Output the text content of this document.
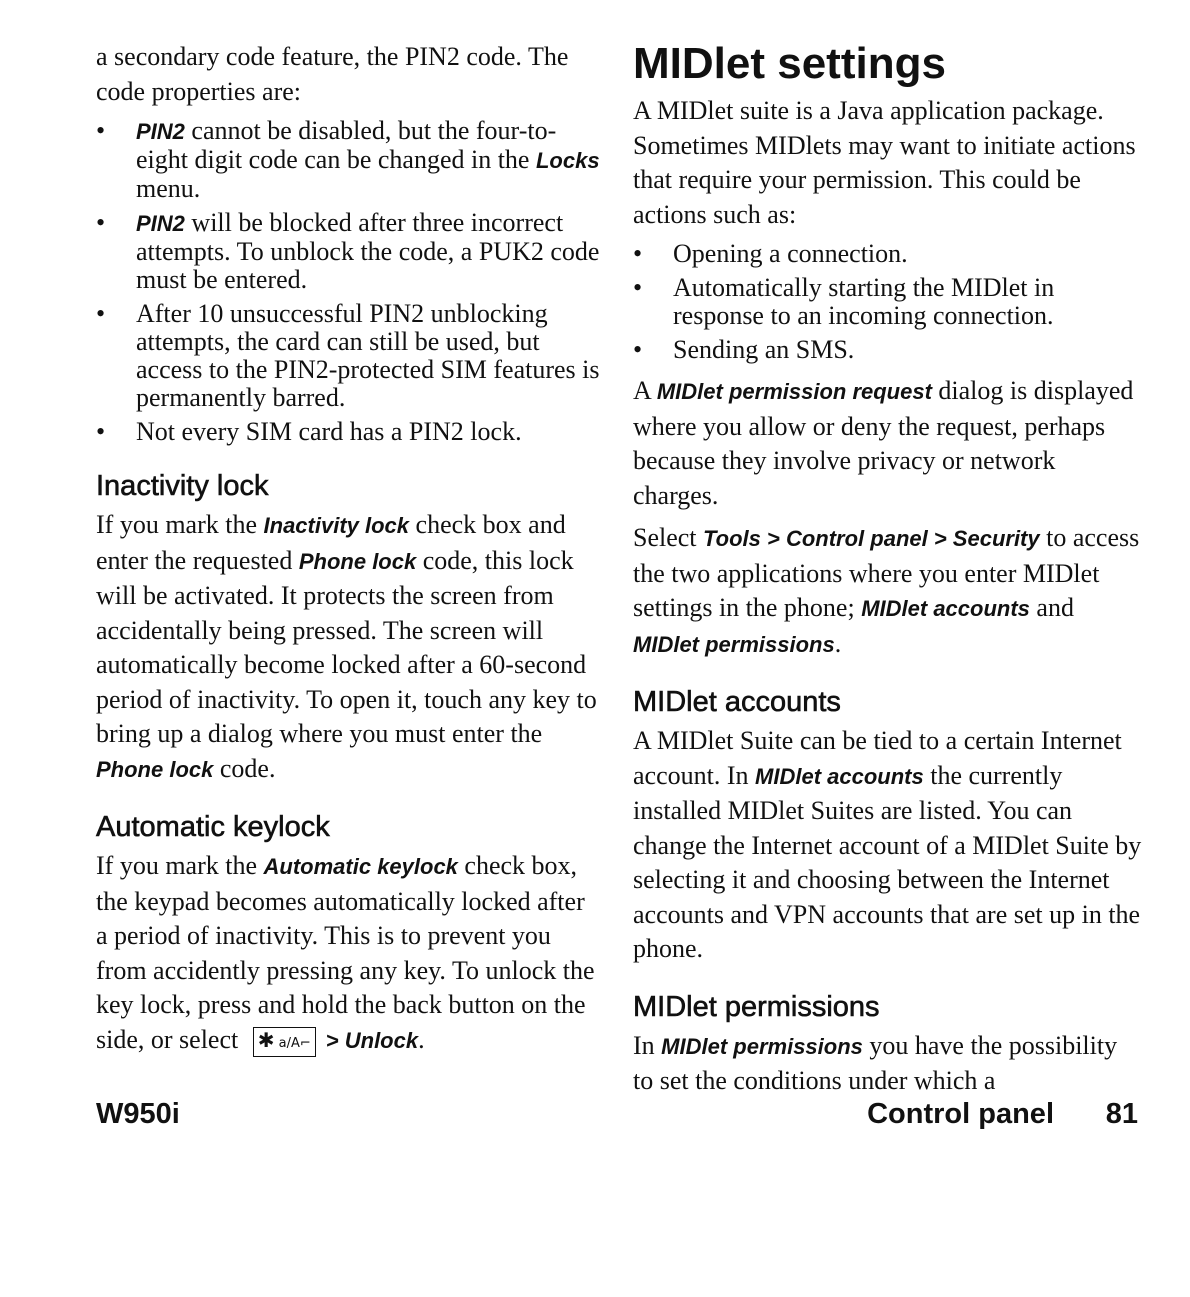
a secondary code feature, the PIN2 code. The code properties are:

• PIN2 cannot be disabled, but the four-to-eight digit code can be changed in the Locks menu.
• PIN2 will be blocked after three incorrect attempts. To unblock the code, a PUK2 code must be entered.
• After 10 unsuccessful PIN2 unblocking attempts, the card can still be used, but access to the PIN2-protected SIM features is permanently barred.
• Not every SIM card has a PIN2 lock.
Inactivity lock

If you mark the Inactivity lock check box and enter the requested Phone lock code, this lock will be activated. It protects the screen from accidentally being pressed. The screen will automatically become locked after a 60-second period of inactivity. To open it, touch any key to bring up a dialog where you must enter the Phone lock code.

Automatic keylock

If you mark the Automatic keylock check box, the keypad becomes automatically locked after a period of inactivity. This is to prevent you from accidently pressing any key. To unlock the key lock, press and hold the back button on the side, or select ✱ a/A⌐ > Unlock.

MIDlet settings

A MIDlet suite is a Java application package. Sometimes MIDlets may want to initiate actions that require your permission. This could be actions such as:

• Opening a connection.
• Automatically starting the MIDlet in response to an incoming connection.
• Sending an SMS.

A MIDlet permission request dialog is displayed where you allow or deny the request, perhaps because they involve privacy or network charges.

Select Tools > Control panel > Security to access the two applications where you enter MIDlet settings in the phone; MIDlet accounts and MIDlet permissions.

MIDlet accounts

A MIDlet Suite can be tied to a certain Internet account. In MIDlet accounts the currently installed MIDlet Suites are listed. You can change the Internet account of a MIDlet Suite by selecting it and choosing between the Internet accounts and VPN accounts that are set up in the phone.

MIDlet permissions

In MIDlet permissions you have the possibility to set the conditions under which a

W950i	Control panel 81
